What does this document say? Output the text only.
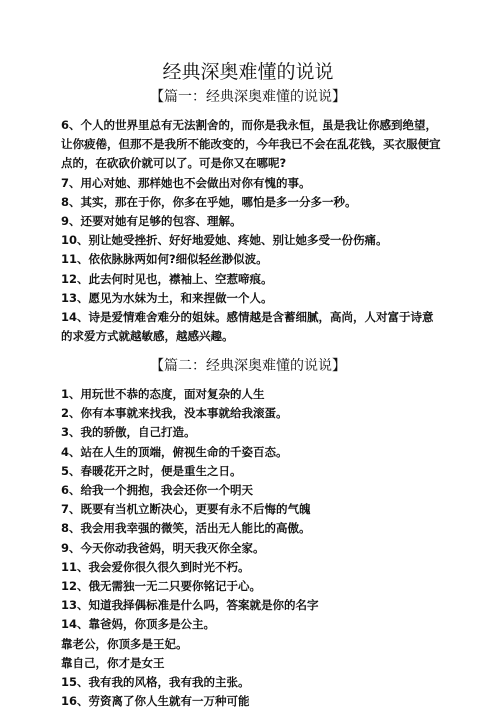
经典深奥难懂的说说
【篇一：经典深奥难懂的说说】
6、个人的世界里总有无法割舍的，而你是我永恒，虽是我让你感到绝望，让你疲倦，但那不是我所不能改变的，今年我已不会在乱花钱，买衣服便宜点的，在砍砍价就可以了。可是你又在哪呢?
7、用心对她、那样她也不会做出对你有愧的事。
8、其实，那在于你，你多在乎她，哪怕是多一分多一秒。
9、还要对她有足够的包容、理解。
10、别让她受挫折、好好地爱她、疼她、别让她多受一份伤痛。
11、依依脉脉两如何?细似轻丝渺似波。
12、此去何时见也，襟袖上、空惹啼痕。
13、愿见为水妹为土，和来捏做一个人。
14、诗是爱情难舍难分的姐妹。感情越是含蓄细腻，高尚，人对富于诗意的求爱方式就越敏感，越感兴趣。
【篇二：经典深奥难懂的说说】
1、用玩世不恭的态度，面对复杂的人生
2、你有本事就来找我，没本事就给我滚蛋。
3、我的骄傲，自己打造。
4、站在人生的顶端，俯视生命的千姿百态。
5、春暖花开之时，便是重生之日。
6、给我一个拥抱，我会还你一个明天
7、既要有当机立断决心，更要有永不后悔的气魄
8、我会用我幸强的微笑，活出无人能比的高傲。
9、今天你动我爸妈，明天我灭你全家。
11、我会爱你很久很久到时光不朽。
12、俄无需独一无二只要你铭记于心。
13、知道我择偶标准是什么吗，答案就是你的名字
14、靠爸妈，你顶多是公主。
靠老公，你顶多是王妃。
靠自己，你才是女王
15、我有我的风格，我有我的主张。
16、劳资离了你人生就有一万种可能
